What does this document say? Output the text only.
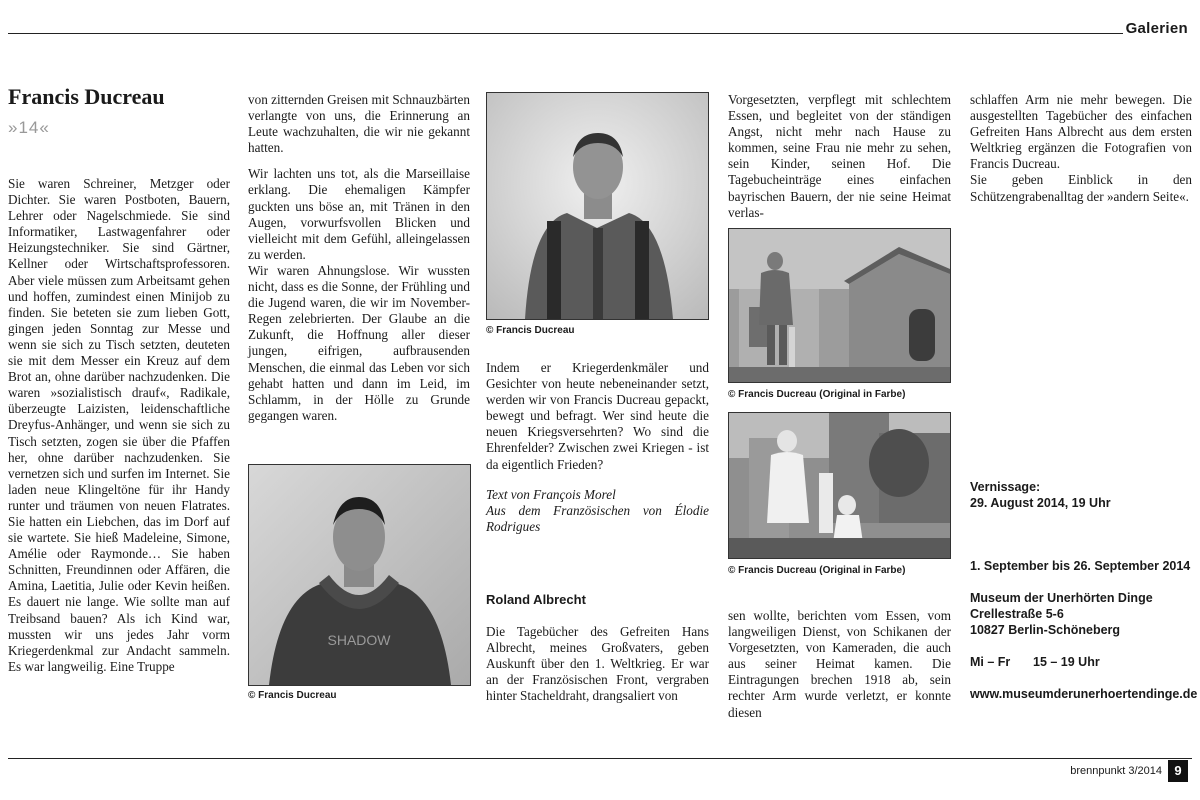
Galerien
Francis Ducreau
»14«

Sie waren Schreiner, Metzger oder Dichter. Sie waren Postboten, Bauern, Lehrer oder Nagelschmiede. Sie sind Informatiker, Lastwagenfahrer oder Heizungstechniker. Sie sind Gärtner, Kellner oder Wirtschaftsprofessoren. Aber viele müssen zum Arbeitsamt gehen und hoffen, zumindest einen Minijob zu finden. Sie beteten sie zum lieben Gott, gingen jeden Sonntag zur Messe und wenn sie sich zu Tisch setzten, deuteten sie mit dem Messer ein Kreuz auf dem Brot an, ohne darüber nachzudenken. Die waren »sozialistisch drauf«, Radikale, überzeugte Laizisten, leidenschaftliche Dreyfus-Anhänger, und wenn sie sich zu Tisch setzten, zogen sie über die Pfaffen her, ohne darüber nachzudenken. Sie vernetzen sich und surfen im Internet. Sie laden neue Klingeltöne für ihr Handy runter und träumen von neuen Flatrates. Sie hatten ein Liebchen, das im Dorf auf sie wartete. Sie hieß Madeleine, Simone, Amélie oder Raymonde… Sie haben Schnitten, Freundinnen oder Affären, die Amina, Laetitia, Julie oder Kevin heißen. Es dauert nie lange. Wie sollte man auf Treibsand bauen? Als ich Kind war, mussten wir uns jedes Jahr vorm Kriegerdenkmal zur Andacht sammeln. Es war langweilig. Eine Truppe

von zitternden Greisen mit Schnauzbärten verlangte von uns, die Erinnerung an Leute wachzuhalten, die wir nie gekannt hatten.

Wir lachten uns tot, als die Marseillaise erklang. Die ehemaligen Kämpfer guckten uns böse an, mit Tränen in den Augen, vorwurfsvollen Blicken und vielleicht mit dem Gefühl, alleingelassen zu werden.

Wir waren Ahnungslose. Wir wussten nicht, dass es die Sonne, der Frühling und die Jugend waren, die wir im November-Regen zelebrierten. Der Glaube an die Zukunft, die Hoffnung aller dieser jungen, eifrigen, aufbrausenden Menschen, die einmal das Leben vor sich gehabt hatten und dann im Leid, im Schlamm, in der Hölle zu Grunde gegangen waren.

SHADOW
© Francis Ducreau
© Francis Ducreau

Indem er Kriegerdenkmäler und Gesichter von heute nebeneinander setzt, werden wir von Francis Ducreau gepackt, bewegt und befragt. Wer sind heute die neuen Kriegsversehrten? Wo sind die Ehrenfelder? Zwischen zwei Kriegen - ist da eigentlich Frieden?

Text von François Morel

Aus dem Französischen von Élodie Rodrigues

Roland Albrecht

Die Tagebücher des Gefreiten Hans Albrecht, meines Großvaters, geben Auskunft über den 1. Weltkrieg. Er war an der Französischen Front, vergraben hinter Stacheldraht, drangsaliert von

Vorgesetzten, verpflegt mit schlechtem Essen, und begleitet von der ständigen Angst, nicht mehr nach Hause zu kommen, seine Frau nie mehr zu sehen, sein Kinder, seinen Hof. Die Tagebucheinträge eines einfachen bayrischen Bauern, der nie seine Heimat verlas-

© Francis Ducreau (Original in Farbe)
© Francis Ducreau (Original in Farbe)

sen wollte, berichten vom Essen, vom langweiligen Dienst, von Schikanen der Vorgesetzten, von Kameraden, die auch aus seiner Heimat kamen. Die Eintragungen brechen 1918 ab, sein rechter Arm wurde verletzt, er konnte diesen

schlaffen Arm nie mehr bewegen. Die ausgestellten Tagebücher des einfachen Gefreiten Hans Albrecht aus dem ersten Weltkrieg ergänzen die Fotografien von Francis Ducreau.

Sie geben Einblick in den Schützengrabenalltag der »andern Seite«.

Vernissage:
29. August 2014, 19 Uhr
1. September bis 26. September 2014
Museum der Unerhörten Dinge
Crellestraße 5-6
10827 Berlin-Schöneberg
Mi – Fr 15 – 19 Uhr
www.museumderunerhoertendinge.de
brennpunkt 3/2014 9
